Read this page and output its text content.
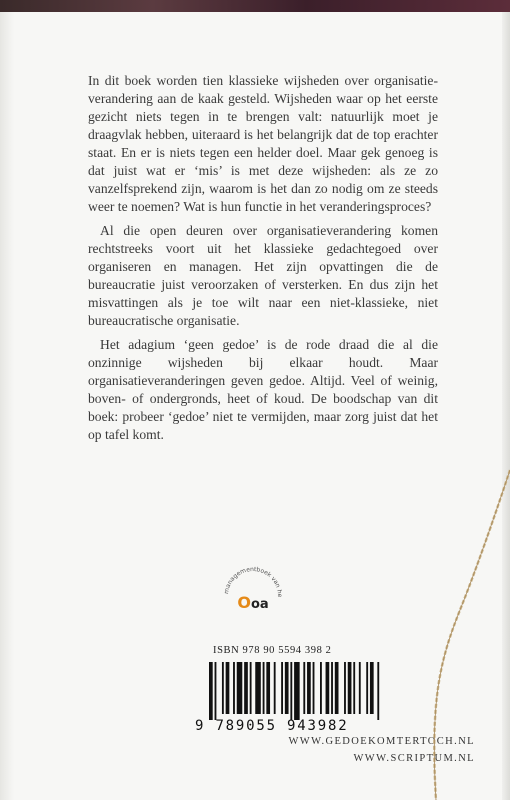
In dit boek worden tien klassieke wijsheden over organisatieverandering aan de kaak gesteld. Wijsheden waar op het eerste gezicht niets tegen in te brengen valt: natuurlijk moet je draagvlak hebben, uiteraard is het belangrijk dat de top erachter staat. En er is niets tegen een helder doel. Maar gek genoeg is dat juist wat er ‘mis’ is met deze wijsheden: als ze zo vanzelfsprekend zijn, waarom is het dan zo nodig om ze steeds weer te noemen? Wat is hun functie in het veranderingsproces?

Al die open deuren over organisatieverandering komen rechtstreeks voort uit het klassieke gedachtegoed over organiseren en managen. Het zijn opvattingen die de bureaucratie juist veroorzaken of versterken. En dus zijn het misvattingen als je toe wilt naar een niet-klassieke, niet bureaucratische organisatie.

Het adagium ‘geen gedoe’ is de rode draad die al die onzinnige wijsheden bij elkaar houdt. Maar organisatieveranderingen geven gedoe. Altijd. Veel of weinig, boven- of ondergronds, heet of koud. De boodschap van dit boek: probeer ‘gedoe’ niet te vermijden, maar zorg juist dat het op tafel komt.

managementboek van he
Ooa
ISBN 978 90 5594 398 2
9 789055 943982
WWW.GEDOEKOMTERTOCH.NL
WWW.SCRIPTUM.NL
